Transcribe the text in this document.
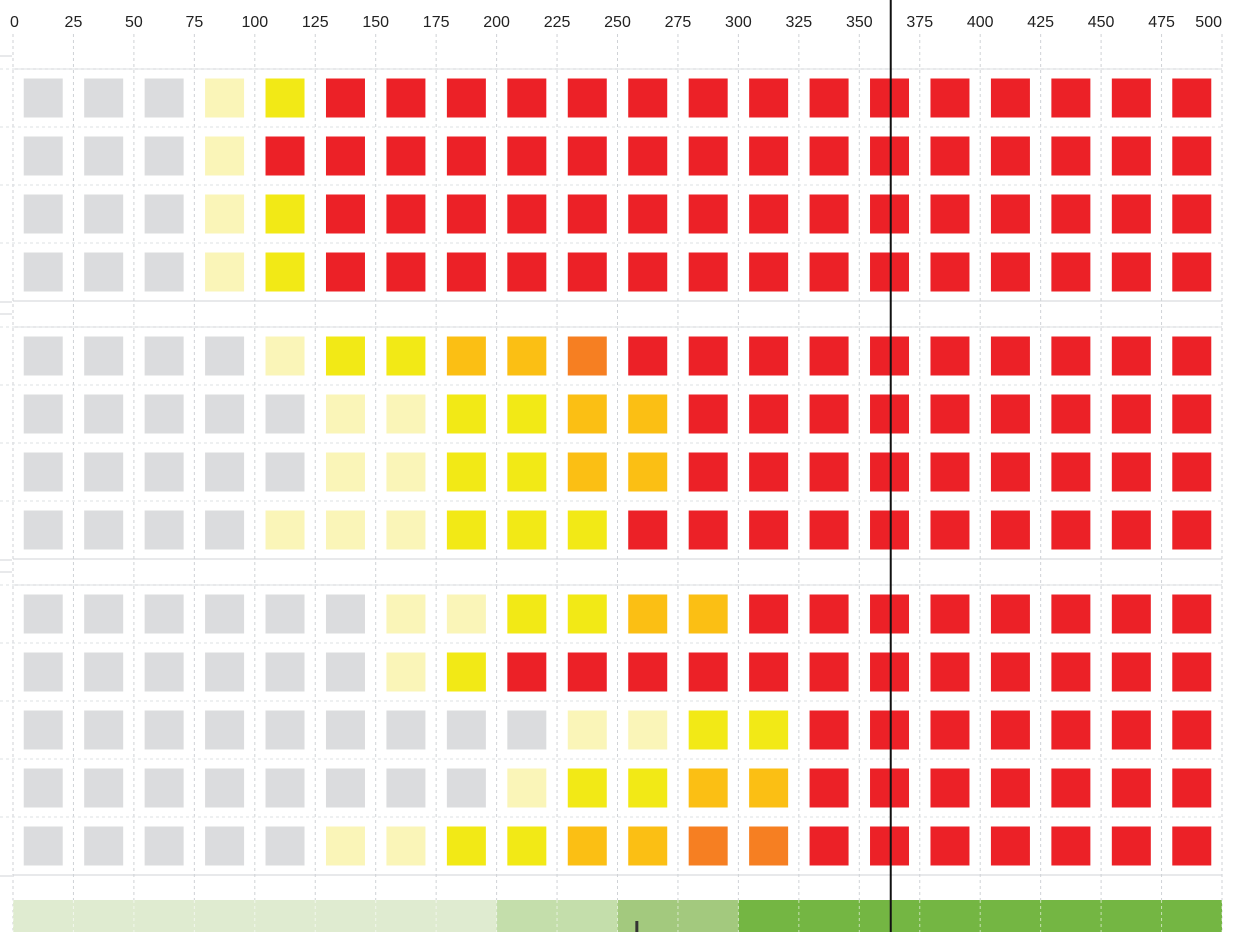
0	25	50	75 100 125 150 175 200 225 250 275 300 325 350 375 400 425 450 475 500
